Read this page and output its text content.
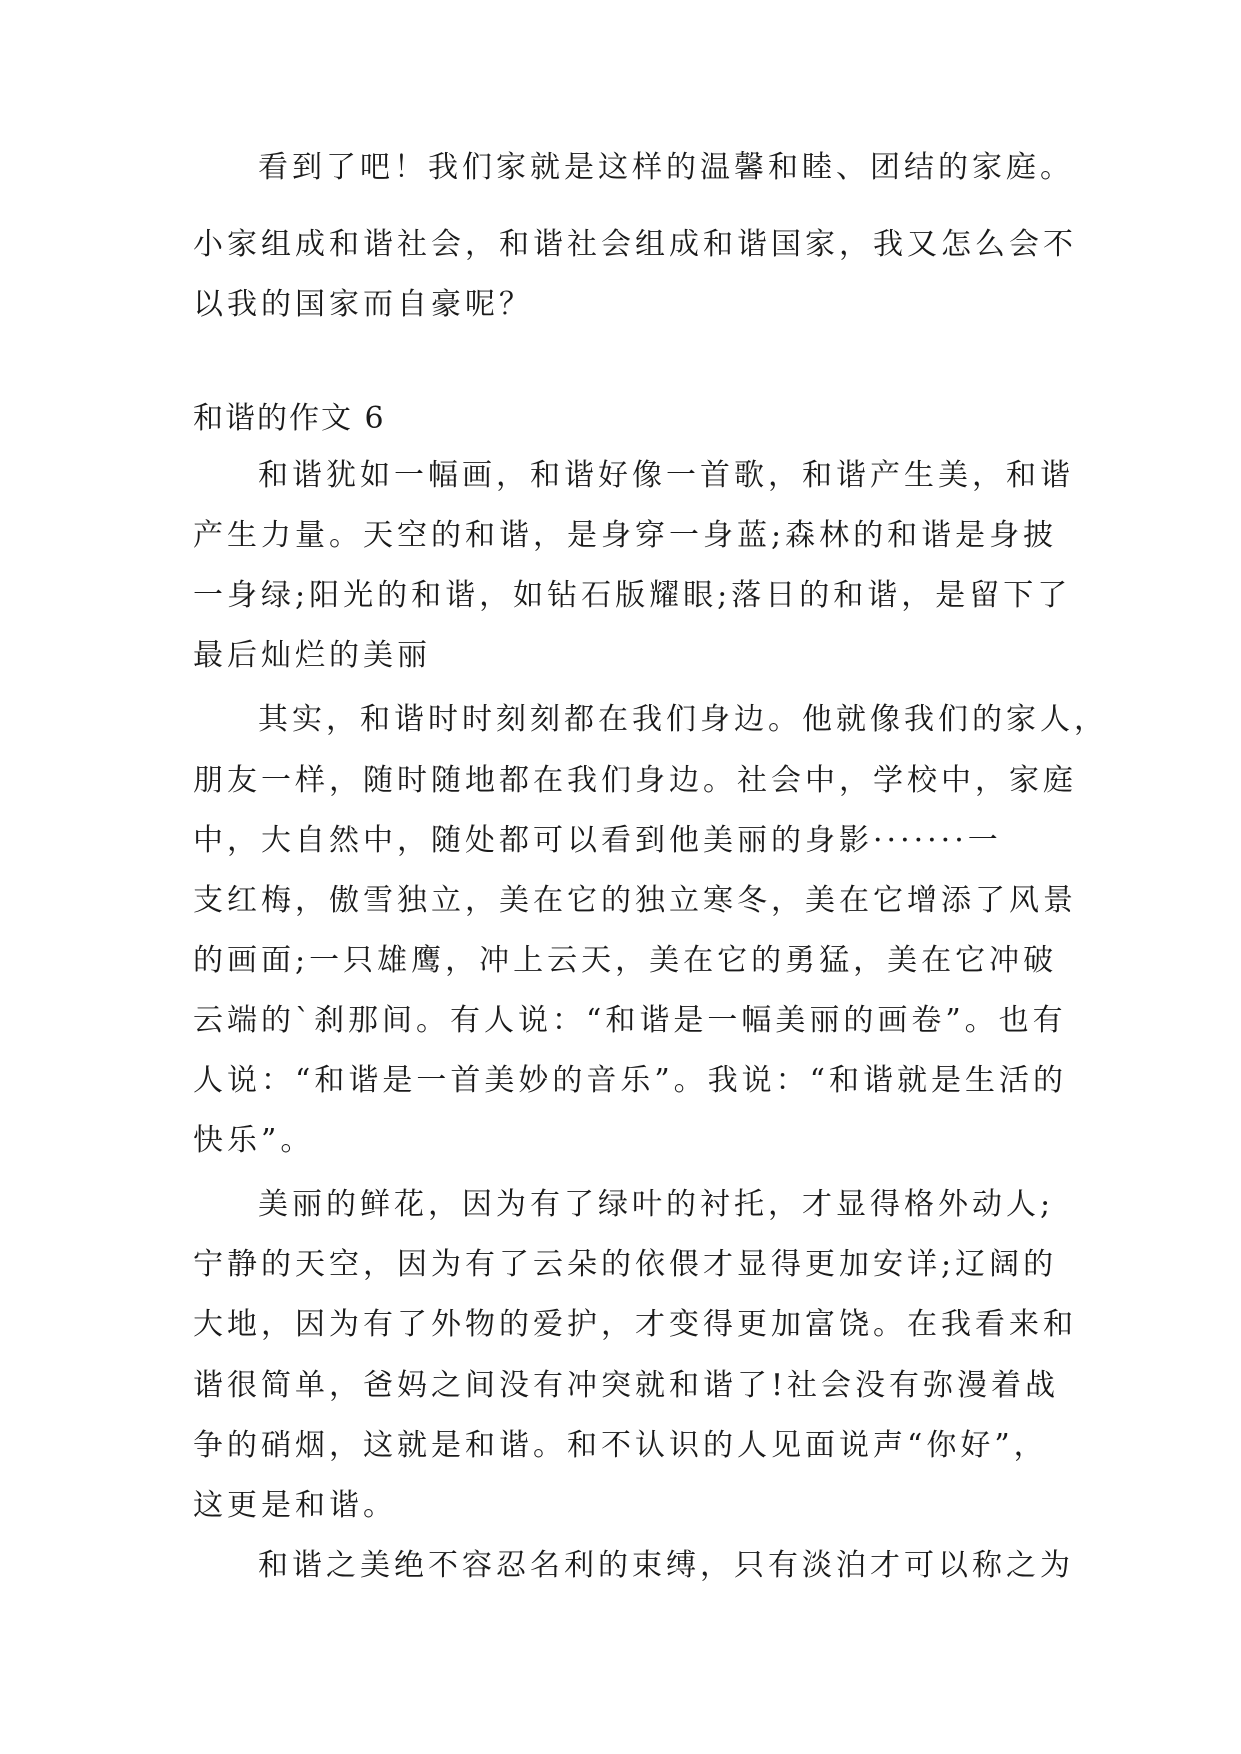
看到了吧！我们家就是这样的温馨和睦、团结的家庭。

小家组成和谐社会，和谐社会组成和谐国家，我又怎么会不

以我的国家而自豪呢？

和谐的作文 6

和谐犹如一幅画，和谐好像一首歌，和谐产生美，和谐

产生力量。天空的和谐，是身穿一身蓝;森林的和谐是身披

一身绿;阳光的和谐，如钻石版耀眼;落日的和谐，是留下了

最后灿烂的美丽

其实，和谐时时刻刻都在我们身边。他就像我们的家人，

朋友一样，随时随地都在我们身边。社会中，学校中，家庭

中，大自然中，随处都可以看到他美丽的身影·······一

支红梅，傲雪独立，美在它的独立寒冬，美在它增添了风景

的画面;一只雄鹰，冲上云天，美在它的勇猛，美在它冲破

云端的`刹那间。有人说：“和谐是一幅美丽的画卷”。也有

人说：“和谐是一首美妙的音乐”。我说：“和谐就是生活的

快乐”。

美丽的鲜花，因为有了绿叶的衬托，才显得格外动人;

宁静的天空，因为有了云朵的依偎才显得更加安详;辽阔的

大地，因为有了外物的爱护，才变得更加富饶。在我看来和

谐很简单，爸妈之间没有冲突就和谐了!社会没有弥漫着战

争的硝烟，这就是和谐。和不认识的人见面说声“你好”，

这更是和谐。

和谐之美绝不容忍名利的束缚，只有淡泊才可以称之为
